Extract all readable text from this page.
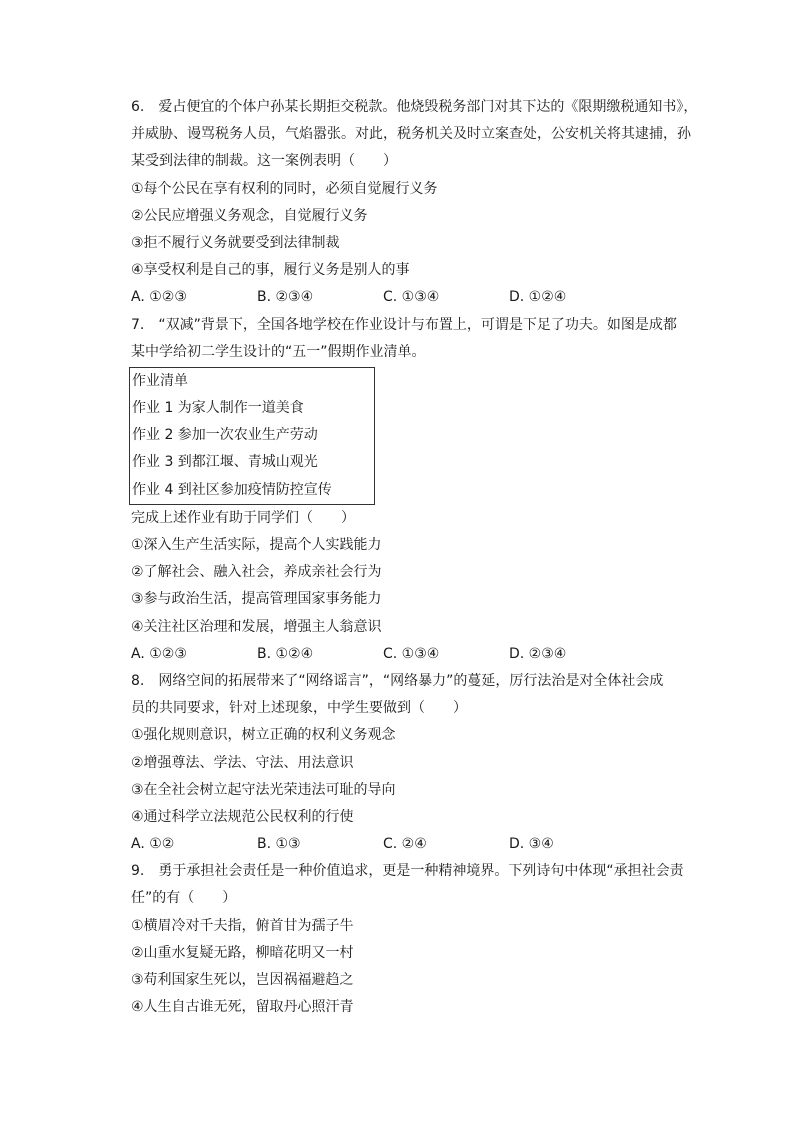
6.　爱占便宜的个体户孙某长期拒交税款。他烧毁税务部门对其下达的《限期缴税通知书》，
并威胁、谩骂税务人员，气焰嚣张。对此，税务机关及时立案查处，公安机关将其逮捕，孙
某受到法律的制裁。这一案例表明（　　）
①每个公民在享有权利的同时，必须自觉履行义务
②公民应增强义务观念，自觉履行义务
③拒不履行义务就要受到法律制裁
④享受权利是自己的事，履行义务是别人的事
A. ①②③	B. ②③④	C. ①③④	D. ①②④
7.　“双减”背景下，全国各地学校在作业设计与布置上，可谓是下足了功夫。如图是成都
某中学给初二学生设计的“五一”假期作业清单。
作业清单
作业 1 为家人制作一道美食
作业 2 参加一次农业生产劳动
作业 3 到都江堰、青城山观光
作业 4 到社区参加疫情防控宣传
完成上述作业有助于同学们（　　）
①深入生产生活实际，提高个人实践能力
②了解社会、融入社会，养成亲社会行为
③参与政治生活，提高管理国家事务能力
④关注社区治理和发展，增强主人翁意识
A. ①②③	B. ①②④	C. ①③④	D. ②③④
8.　网络空间的拓展带来了“网络谣言”，“网络暴力”的蔓延，厉行法治是对全体社会成
员的共同要求，针对上述现象，中学生要做到（　　）
①强化规则意识，树立正确的权利义务观念
②增强尊法、学法、守法、用法意识
③在全社会树立起守法光荣违法可耻的导向
④通过科学立法规范公民权利的行使
A. ①②	B. ①③	C. ②④	D. ③④
9.　勇于承担社会责任是一种价值追求，更是一种精神境界。下列诗句中体现“承担社会责
任”的有（　　）
①横眉冷对千夫指，俯首甘为孺子牛
②山重水复疑无路，柳暗花明又一村
③苟利国家生死以，岂因祸福避趋之
④人生自古谁无死，留取丹心照汗青
